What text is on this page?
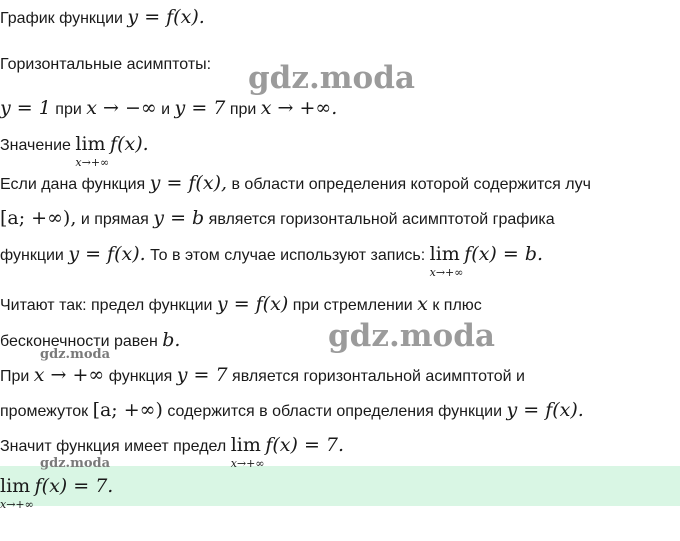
gdz.moda
gdz.moda
gdz.moda
gdz.moda
График функции y = f(x).
Горизонтальные асимптоты:
y = 1 при x → −∞ и y = 7 при x → +∞.
Значение lim
x→+∞
f(x).
Если дана функция y = f(x), в области определения которой содержится луч
[a; +∞), и прямая y = b является горизонтальной асимптотой графика
функции y = f(x). То в этом случае используют запись: lim
x→+∞
f(x) = b.
Читают так: предел функции y = f(x) при стремлении x к плюс
бесконечности равен b.
При x → +∞ функция y = 7 является горизонтальной асимптотой и
промежуток [a; +∞) содержится в области определения функции y = f(x).
Значит функция имеет предел lim
x→+∞
f(x) = 7.
lim
x→+∞
f(x) = 7.
